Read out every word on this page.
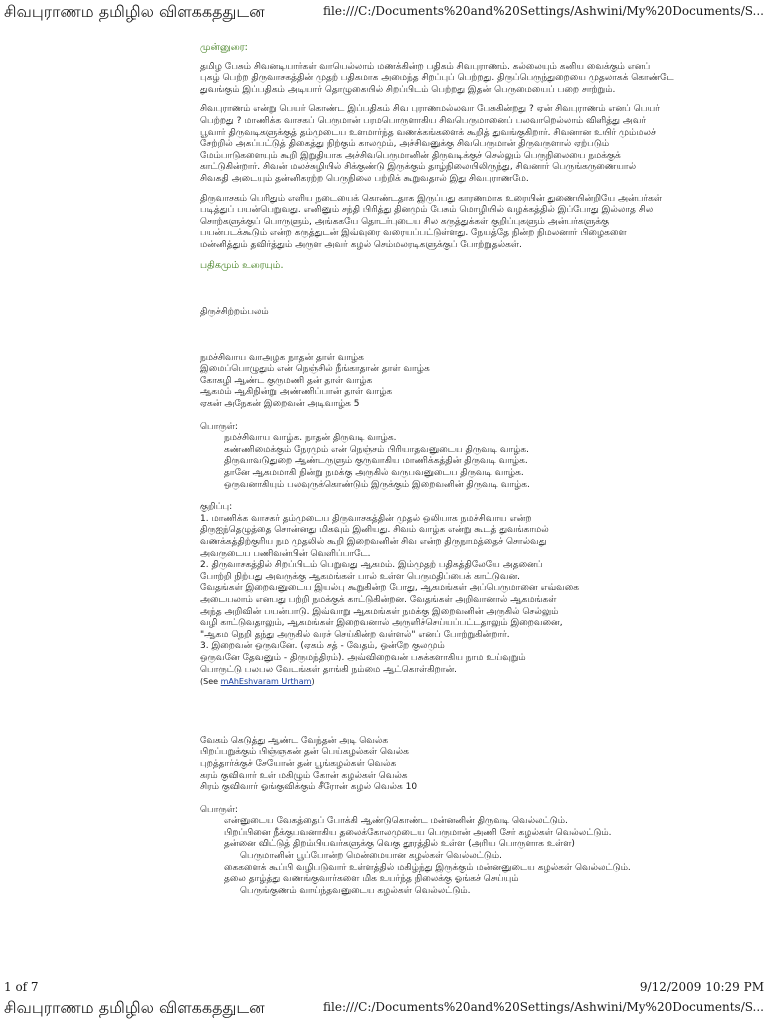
சிவபுராணம தமிழில விளககததுடன	file:///C:/Documents%20and%20Settings/Ashwini/My%20Documents/S...
முன்னுரை:
தமிழ பேசும் சிவனடியார்கள் வாயெல்லாம் மணக்கின்ற பதிகம் சிவபுராணம். கல்லையும் கனிய வைக்கும் எனப்
புகழ் பெற்ற திருவாசகத்தின் முதற் பதிகமாக அமைந்த சிறப்புப் பெற்றது. திருப்பெருந்துறையை முதலாகக் கொண்டே
துவங்கும் இப்பதிகம் அடியார் தொழுகையில் சிறப்பிடம் பெற்றது இதன் பெருமையைப் பறை சாற்றும்.
சிவபுராணம் என்று பெயர் கொண்ட இப்பதிகம் சிவ புராணமல்லவா பேசுகின்றது ? ஏன் சிவபுராணம் எனப் பெயர்
பெற்றது ? மாணிக்க வாசகப் பெருமான் பரமபொருளாகிய சிவபெருமானைப் பலவாறெல்லாம் விளித்து அவர்
பூவார் திருவடிகளுக்குத் தம்முடைய உளமார்ந்த வணக்கங்களைக் கூறித் துவங்குகிறார். சிவனான உயிர் மும்மலச்
சேற்றில் அகப்பட்டுத் திகைத்து நிற்கும் காலமும், அச்சிவனுக்கு சிவபெருமான் திருவருளால் ஏற்படும்
மேம்பாடுகளையும் கூறி இறுதியாக அச்சிவபெருமானின் திருவடிக்குச் செல்லும் பெருநிலையை நமக்குக்
காட்டுகின்றார். சிவன் மலச்சுழியில் சிக்குண்டு இருக்கும் தாழ்நிலையிலிருந்து, சிவனார் பெருங்கருணையால்
சிவகதி அடையும் தன்னிகரற்ற பெருநிலை பற்றிக் கூறுவதால் இது சிவபுராணமே.
திருவாசகம் பெரிதும் எளிய நடையைக் கொண்டதாக இருப்பது காரணமாக உரையின் துணையின்றியே அன்பர்கள்
படித்துப் பயன்பெறுவது. எனினும் சந்தி பிரித்து தினமும் பேசும் மொழியில் வழக்கத்தில் இப்போது இல்லாத சில
சொற்களுக்குப் பொருளும், அங்ககயே தொடர்புடைய சில கருத்துக்கள் குறிப்புகளும் அன்பர்களுக்கு
பயன்படக்கூடும் என்ற கருத்துடன் இவ்வுரை வரையப்பட்டுள்ளது. நேயத்தே நின்ற நிமலனார் பிழைகளை
மன்னித்தும் தவிர்த்தும் அருள அவர் கழல் செம்மலரடிகளுக்குப் போற்றுதல்கள்.
பதிகமும் உரையும்.
திருச்சிற்றம்பலம்
நமச்சிவாய வாஅழக நாதன் தாள் வாழ்க
இமைப்பொழுதும் என் நெஞ்சில் நீங்காதான் தாள் வாழ்க
கோகழி ஆண்ட குருமணி தன் தாள் வாழ்க
ஆகமம் ஆகிநின்று அண்ணிப்பான் தாள் வாழ்க
ஏகன் அநேகன் இறைவன் அடிவாழ்க 5
பொருள்:
நமச்சிவாய வாழ்க. நாதன் திருவடி வாழ்க.
கண்ணிமைக்கும் நேரமும் என் நெஞ்சம் பிரியாதவனுடைய திருவடி வாழ்க.
திருவாவடுதுறை ஆண்டருளும் குருவாகிய மாணிக்கத்தின் திருவடி வாழ்க.
தானே ஆகமமாகி நின்று நமக்கு அருகில் வருபவனுடைய திருவடி வாழ்க.
ஒருவனாகியும் பலவுருக்கொண்டும் இருக்கும் இறைவனின் திருவடி வாழ்க.
குறிப்பு:
1. மாணிக்க வாசகர் தம்முடைய திருவாசகத்தின் முதல் ஒலியாக நமச்சிவாய என்ற
திருஐந்தெழுத்தை சொன்னது மிகவும் இனியது. சிவம் வாழ்க என்று கூடத் துவங்காமல்
வணக்கத்திற்குரிய நம முதலில் கூறி இறைவனின் சிவ என்ற திருநாமத்தைச் சொல்வது
அவருடைய பணிவன்பின் வெளிப்பாடே.
2. திருவாசகத்தில் சிறப்பிடம் பெறுவது ஆகமம். இம்முதற் பதிகத்திலேயே அதனைப்
போற்றி நிற்பது அவருக்கு ஆகமங்கள் பால் உள்ள பெருமதிப்பைக் காட்டுவன.
வேதங்கள் இறைவனுடைய இயல்பு கூறுகின்ற போது, ஆகமங்கள் அப்பெருமானை எவ்வகை
அடையலாம் எனபது பற்றி நமக்குக் காட்டுகின்றன. வேதங்கள் அறிவானால் ஆகமங்கள்
அந்த அறிவின் பயன்பாடு. இவ்வாறு ஆகமங்கள் நமக்கு இறைவனின் அருகில் செல்லும்
வழி காட்டுவதாலும், ஆகமங்கள் இறைவனால் அருளிச்செய்யப்பட்டதாலும் இறைவனை,
"ஆகம நெறி தந்து அருகில் வரச் செய்கின்ற வள்ளல்" எனப் போற்றுகின்றார்.
3. இறைவன் ஒருவனே. (ஏகம் சத் - வேதம், ஒன்றே குலமும்
ஒருவனே தேவனும் - திருமந்திரம்). அவ்விறைவன் பசுக்களாகிய நாம உய்வுறும்
பொருட்டு பலபல வேடங்கள் தாங்கி நம்மை ஆட்கொள்கிறான்.
(See mAhEshvaram Urtham)
வேகம் கெடுத்து ஆண்ட வேந்தன் அடி வெல்க
பிறப்பறுக்கும் பிஞ்ஞகன் தன் பெய்கழல்கள் வெல்க
புறத்தார்க்குச் சேயோன் தன் பூங்கழல்கள் வெல்க
கரம் குவிவார் உள் மகிழும் கோன் கழல்கள் வெல்க
சிரம் குவிவார் ஓங்குவிக்கும் சீரோன் கழல் வெல்க 10
பொருள்:
என்னுடைய வேகத்தைப் போக்கி ஆண்டுகொண்ட மன்னனின் திருவடி வெல்லட்டும்.
பிறப்பினை நீக்குபவனாகிய தலைக்கோலமுடைய பெருமான் அணி சேர் கழல்கள் வெல்லட்டும்.
தன்னை விட்டுத் திறம்பியவர்களுக்கு வெகு தூரத்தில் உள்ள (அரிய பொருளாக உள்ள)
பெருமானின் பூப்போன்ற மென்மையான கழல்கள் வெல்லட்டும்.
கைகளைக் கூப்பி வழிபடுவார் உள்ளத்தில் மகிழ்ந்து இருக்கும் மன்னனுடைய கழல்கள் வெல்லட்டும்.
தலை தாழ்த்து வணங்குவார்களை மிக உயர்ந்த நிலைக்கு ஓங்கச் செய்யும்
பெருங்குணம் வாய்ந்தவனுடைய கழல்கள் வெல்லட்டும்.
1 of 7	9/12/2009 10:29 PM
சிவபுராணம தமிழில விளககததுடன	file:///C:/Documents%20and%20Settings/Ashwini/My%20Documents/S...
